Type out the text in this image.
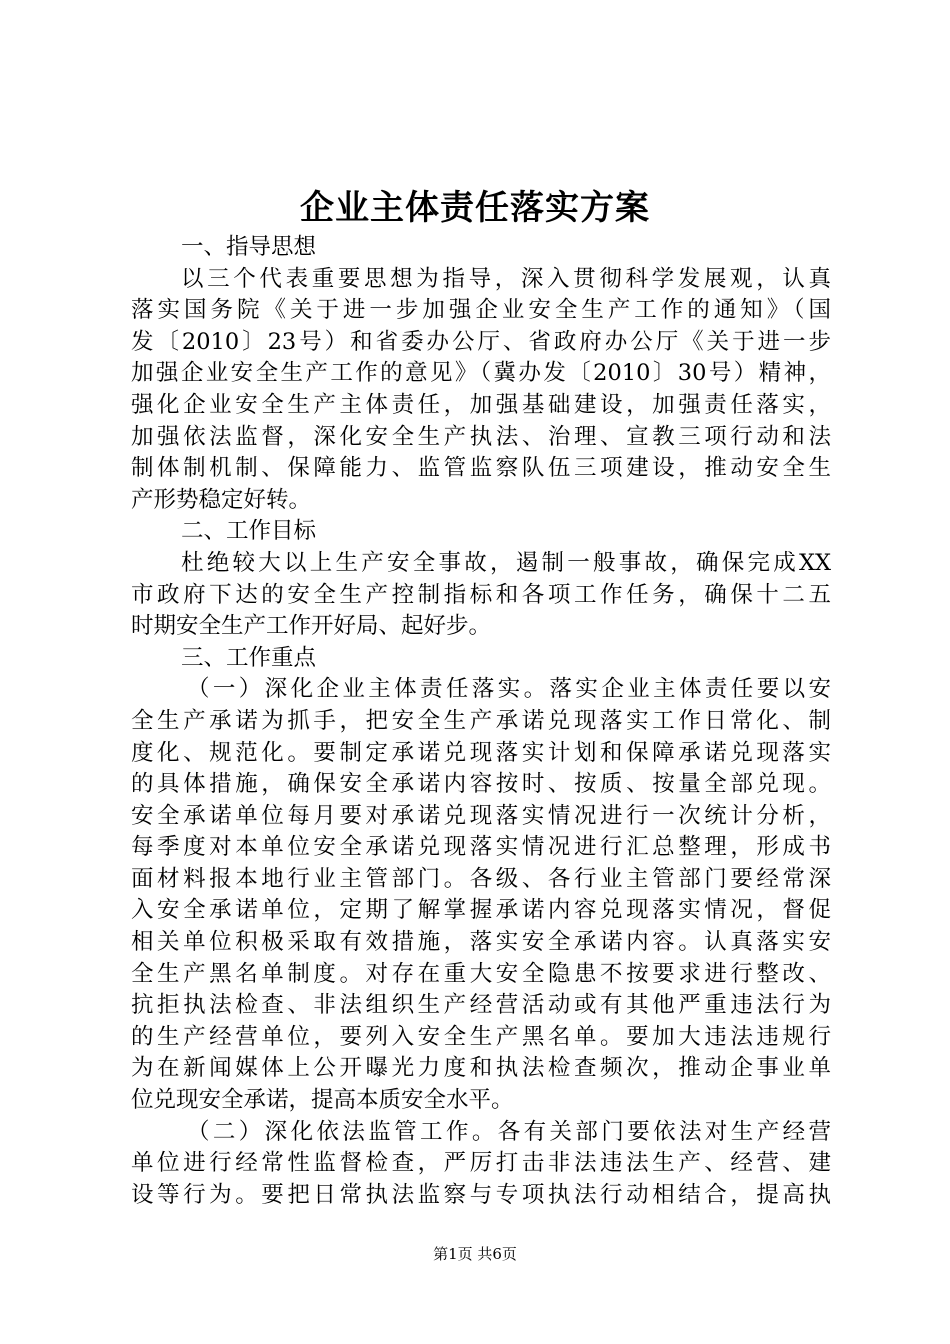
企业主体责任落实方案
一、指导思想
以三个代表重要思想为指导，深入贯彻科学发展观，认真
落实国务院《关于进一步加强企业安全生产工作的通知》（国
发〔2010〕23号）和省委办公厅、省政府办公厅《关于进一步
加强企业安全生产工作的意见》（冀办发〔2010〕30号）精神，
强化企业安全生产主体责任，加强基础建设，加强责任落实，
加强依法监督，深化安全生产执法、治理、宣教三项行动和法
制体制机制、保障能力、监管监察队伍三项建设，推动安全生
产形势稳定好转。
二、工作目标
杜绝较大以上生产安全事故，遏制一般事故，确保完成XX
市政府下达的安全生产控制指标和各项工作任务，确保十二五
时期安全生产工作开好局、起好步。
三、工作重点
（一）深化企业主体责任落实。落实企业主体责任要以安
全生产承诺为抓手，把安全生产承诺兑现落实工作日常化、制
度化、规范化。要制定承诺兑现落实计划和保障承诺兑现落实
的具体措施，确保安全承诺内容按时、按质、按量全部兑现。
安全承诺单位每月要对承诺兑现落实情况进行一次统计分析，
每季度对本单位安全承诺兑现落实情况进行汇总整理，形成书
面材料报本地行业主管部门。各级、各行业主管部门要经常深
入安全承诺单位，定期了解掌握承诺内容兑现落实情况，督促
相关单位积极采取有效措施，落实安全承诺内容。认真落实安
全生产黑名单制度。对存在重大安全隐患不按要求进行整改、
抗拒执法检查、非法组织生产经营活动或有其他严重违法行为
的生产经营单位，要列入安全生产黑名单。要加大违法违规行
为在新闻媒体上公开曝光力度和执法检查频次，推动企事业单
位兑现安全承诺，提高本质安全水平。
（二）深化依法监管工作。各有关部门要依法对生产经营
单位进行经常性监督检查，严厉打击非法违法生产、经营、建
设等行为。要把日常执法监察与专项执法行动相结合，提高执
第1页 共6页
